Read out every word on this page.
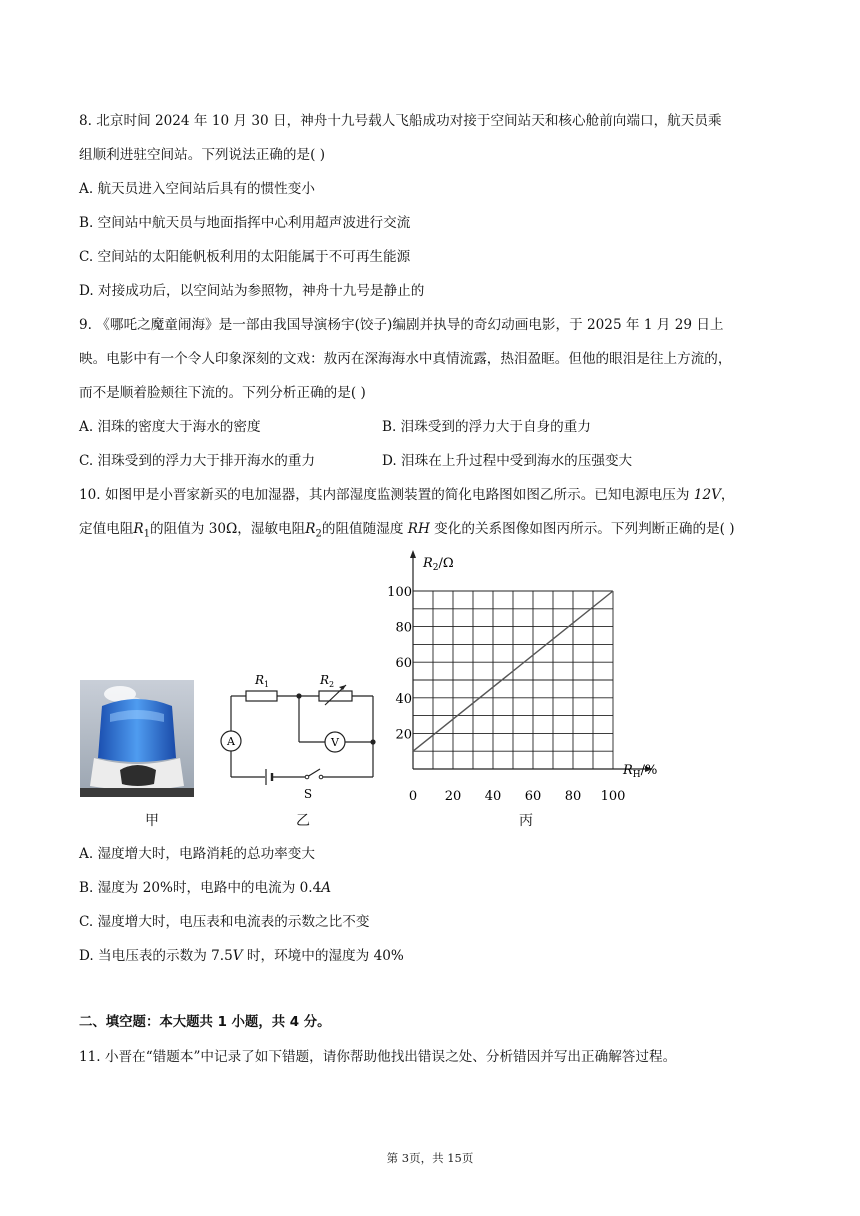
8. 北京时间 2024 年 10 月 30 日，神舟十九号载人飞船成功对接于空间站天和核心舱前向端口，航天员乘
组顺利进驻空间站。下列说法正确的是( )
A. 航天员进入空间站后具有的惯性变小
B. 空间站中航天员与地面指挥中心利用超声波进行交流
C. 空间站的太阳能帆板利用的太阳能属于不可再生能源
D. 对接成功后，以空间站为参照物，神舟十九号是静止的
9. 《哪吒之魔童闹海》是一部由我国导演杨宇(饺子)编剧并执导的奇幻动画电影，于 2025 年 1 月 29 日上
映。电影中有一个令人印象深刻的文戏：敖丙在深海海水中真情流露，热泪盈眶。但他的眼泪是往上方流的，
而不是顺着脸颊往下流的。下列分析正确的是( )
A. 泪珠的密度大于海水的密度	B. 泪珠受到的浮力大于自身的重力
C. 泪珠受到的浮力大于排开海水的重力	D. 泪珠在上升过程中受到海水的压强变大
10. 如图甲是小晋家新买的电加湿器，其内部湿度监测装置的简化电路图如图乙所示。已知电源电压为 12V，
定值电阻$R_1$的阻值为 30Ω，湿敏电阻$R_2$的阻值随湿度 RH 变化的关系图像如图丙所示。下列判断正确的是( )
$R_1$	$R_2$
A	V
S	0 20 40 60 80 100
20
40
60
80
100
$R_2/\Omega$
$R_H/\%$
甲	乙	丙
A. 湿度增大时，电路消耗的总功率变大
B. 湿度为 20%时，电路中的电流为 0.4A
C. 湿度增大时，电压表和电流表的示数之比不变
D. 当电压表的示数为 7.5V 时，环境中的湿度为 40%
二、填空题：本大题共 1 小题，共 4 分。
11. 小晋在“错题本”中记录了如下错题，请你帮助他找出错误之处、分析错因并写出正确解答过程。
第 3页，共 15页
